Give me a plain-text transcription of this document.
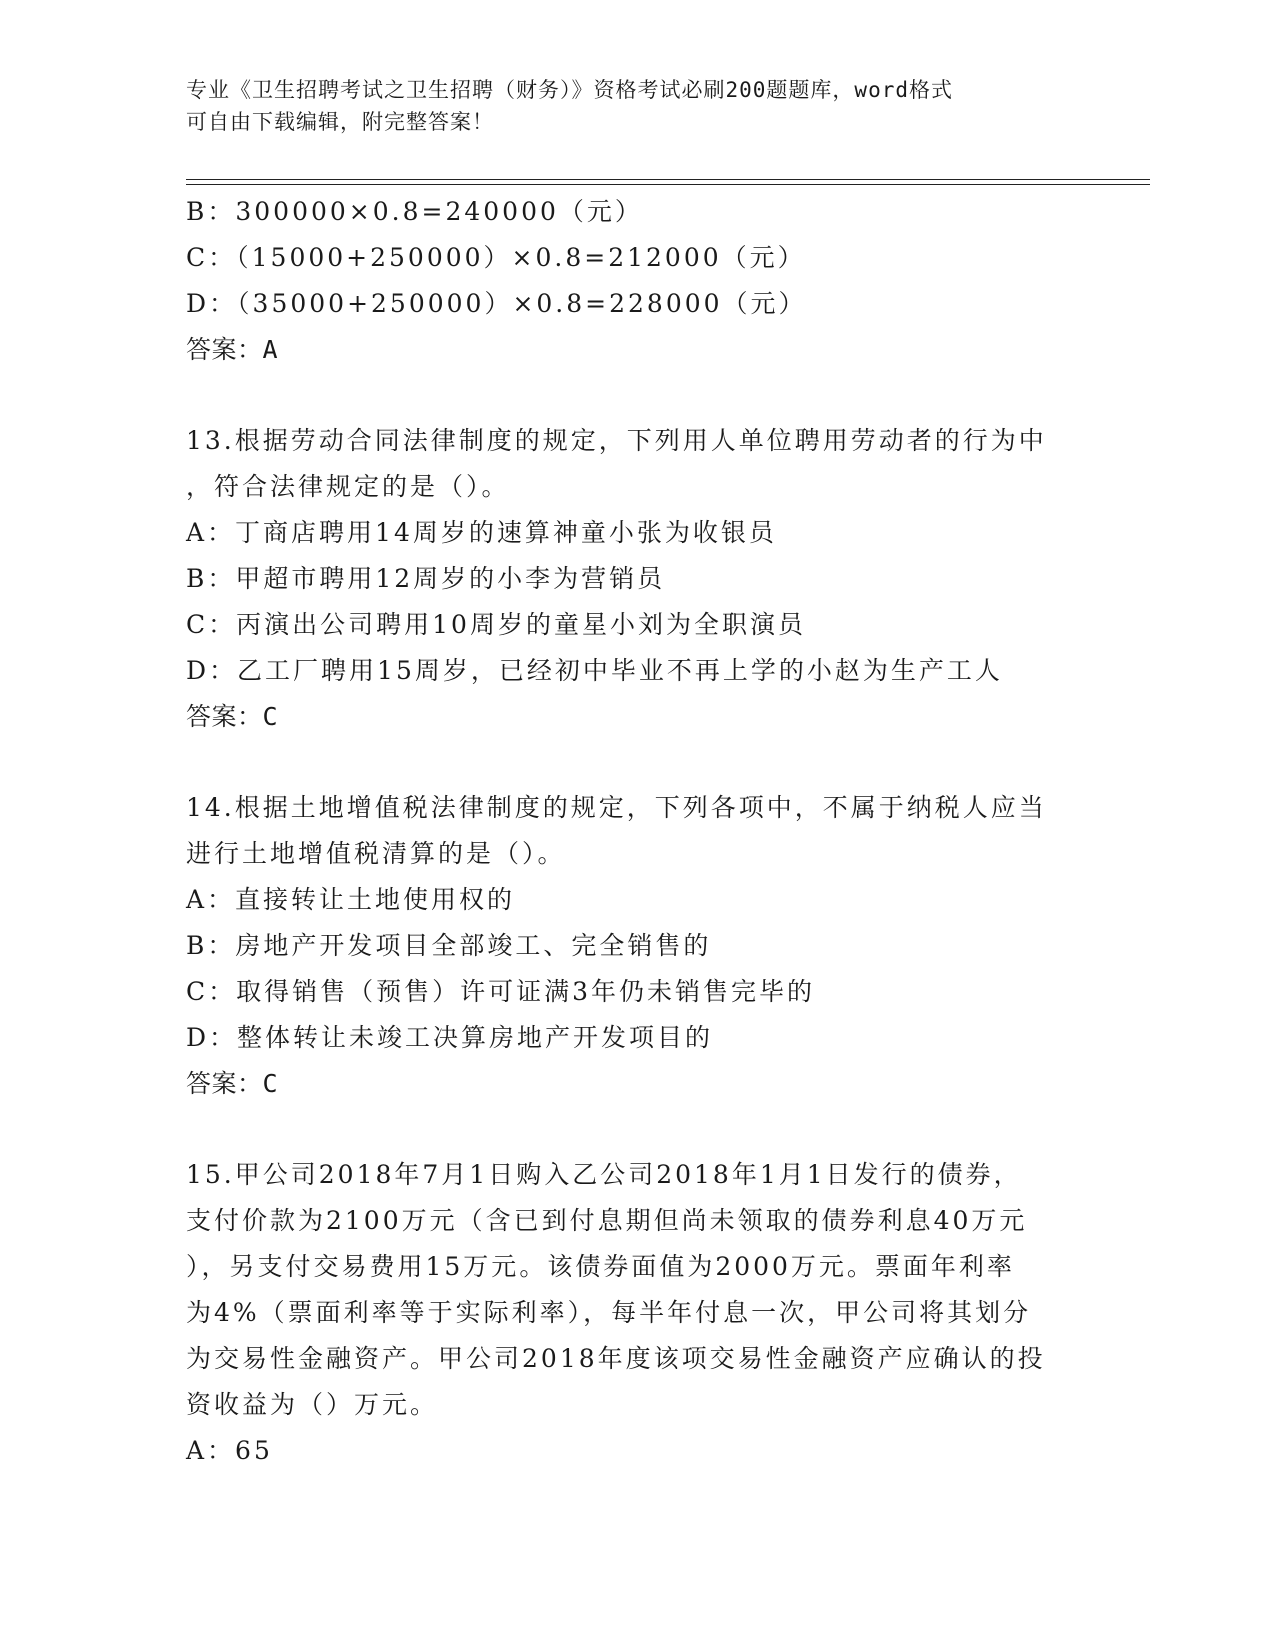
专业《卫生招聘考试之卫生招聘（财务）》资格考试必刷200题题库，word格式
可自由下载编辑，附完整答案！
B：300000×0.8=240000（元）
C：（15000+250000）×0.8=212000（元）
D：（35000+250000）×0.8=228000（元）
答案：A
13.根据劳动合同法律制度的规定，下列用人单位聘用劳动者的行为中
，符合法律规定的是（）。
A：丁商店聘用14周岁的速算神童小张为收银员
B：甲超市聘用12周岁的小李为营销员
C：丙演出公司聘用10周岁的童星小刘为全职演员
D：乙工厂聘用15周岁，已经初中毕业不再上学的小赵为生产工人
答案：C
14.根据土地增值税法律制度的规定，下列各项中，不属于纳税人应当
进行土地增值税清算的是（）。
A：直接转让土地使用权的
B：房地产开发项目全部竣工、完全销售的
C：取得销售（预售）许可证满3年仍未销售完毕的
D：整体转让未竣工决算房地产开发项目的
答案：C
15.甲公司2018年7月1日购入乙公司2018年1月1日发行的债券，
支付价款为2100万元（含已到付息期但尚未领取的债券利息40万元
），另支付交易费用15万元。该债券面值为2000万元。票面年利率
为4%（票面利率等于实际利率），每半年付息一次，甲公司将其划分
为交易性金融资产。甲公司2018年度该项交易性金融资产应确认的投
资收益为（）万元。
A：65
